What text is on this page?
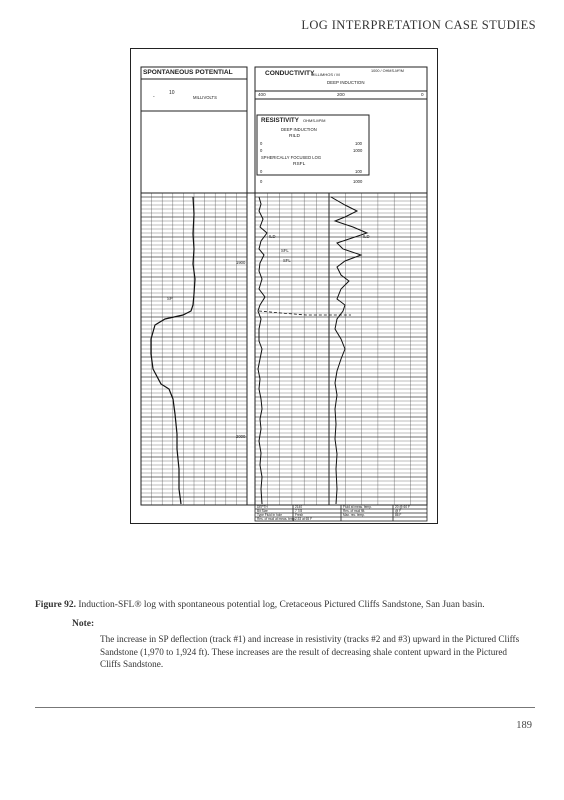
LOG INTERPRETATION CASE STUDIES
SPONTANEOUS POTENTIAL
-
10
MILLIVOLTS
CONDUCTIVITY
MILLIMHOS / M
1000 / OHMS-M²/M
DEEP INDUCTION
400	200	0
RESISTIVITY OHMS-M²/M
DEEP INDUCTION
RILD
0	100
0	1000
SPHERICALLY FOCUSED LOG
RSFL
0	100
0	1000
SP
ILD
SFL
ILD
SFL
1900
2000
DEPTH	2140	Fluid at meas. temp.	20 @ 60 F
Bit Size	7 7/8	Res. of mud filt.	@ F
Type Fluid in hole	Fresh	Max. rec. temp.	86 F
Res. of mud at meas. temp.
2.53 at 65 F
Figure 92. Induction-SFL® log with spontaneous potential log, Cretaceous Pictured Cliffs Sandstone, San Juan basin.
Note:
The increase in SP deflection (track #1) and increase in resistivity (tracks #2 and #3) upward in the Pictured Cliffs Sandstone (1,970 to 1,924 ft). These increases are the result of decreasing shale content upward in the Pictured Cliffs Sandstone.
189
